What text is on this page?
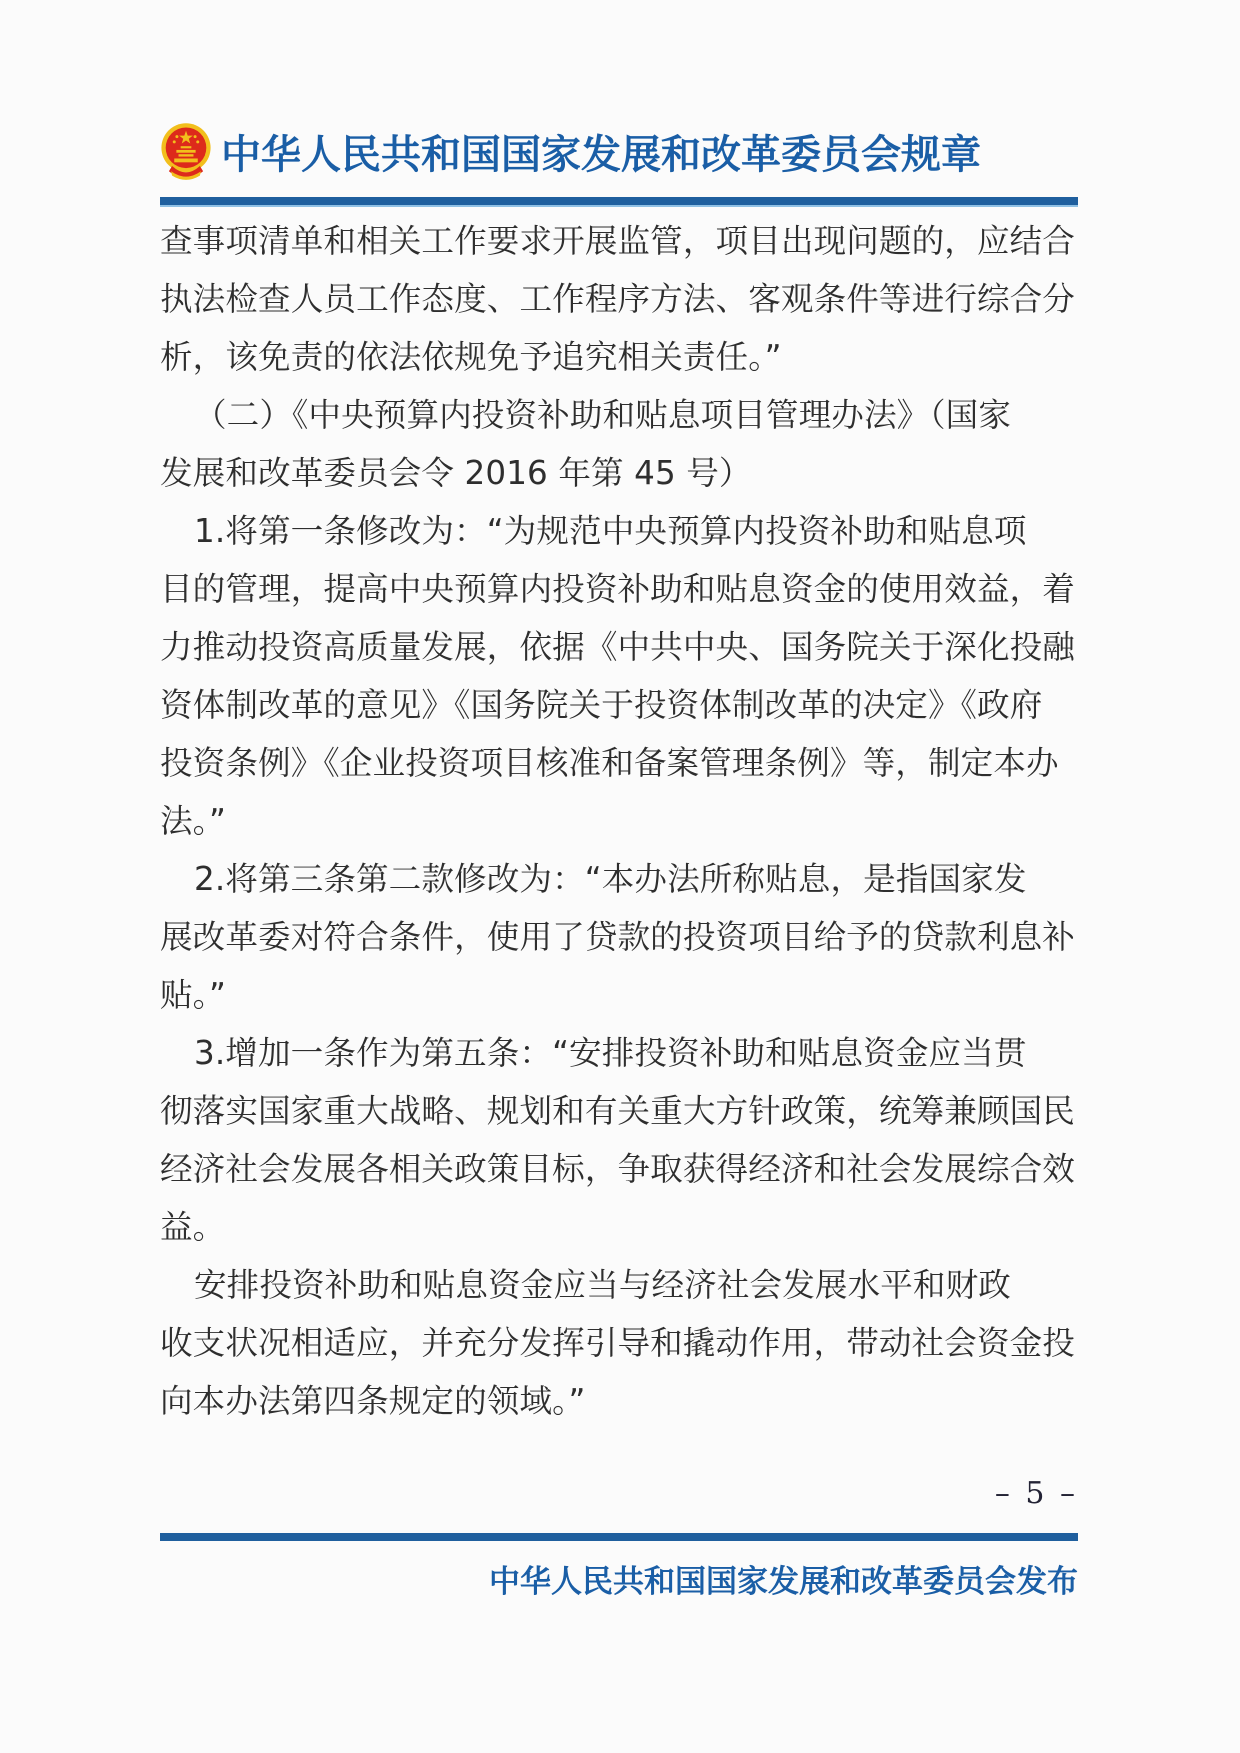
中华人民共和国国家发展和改革委员会规章
查事项清单和相关工作要求开展监管，项目出现问题的，应结合
执法检查人员工作态度、工作程序方法、客观条件等进行综合分
析，该免责的依法依规免予追究相关责任。”
（二）《中央预算内投资补助和贴息项目管理办法》（国家
发展和改革委员会令 2016 年第 45 号）
1.将第一条修改为：“为规范中央预算内投资补助和贴息项
目的管理，提高中央预算内投资补助和贴息资金的使用效益，着
力推动投资高质量发展，依据《中共中央、国务院关于深化投融
资体制改革的意见》《国务院关于投资体制改革的决定》《政府
投资条例》《企业投资项目核准和备案管理条例》等，制定本办
法。”
2.将第三条第二款修改为：“本办法所称贴息，是指国家发
展改革委对符合条件，使用了贷款的投资项目给予的贷款利息补
贴。”
3.增加一条作为第五条：“安排投资补助和贴息资金应当贯
彻落实国家重大战略、规划和有关重大方针政策，统筹兼顾国民
经济社会发展各相关政策目标，争取获得经济和社会发展综合效
益。
安排投资补助和贴息资金应当与经济社会发展水平和财政
收支状况相适应，并充分发挥引导和撬动作用，带动社会资金投
向本办法第四条规定的领域。”
– 5 –
中华人民共和国国家发展和改革委员会发布
